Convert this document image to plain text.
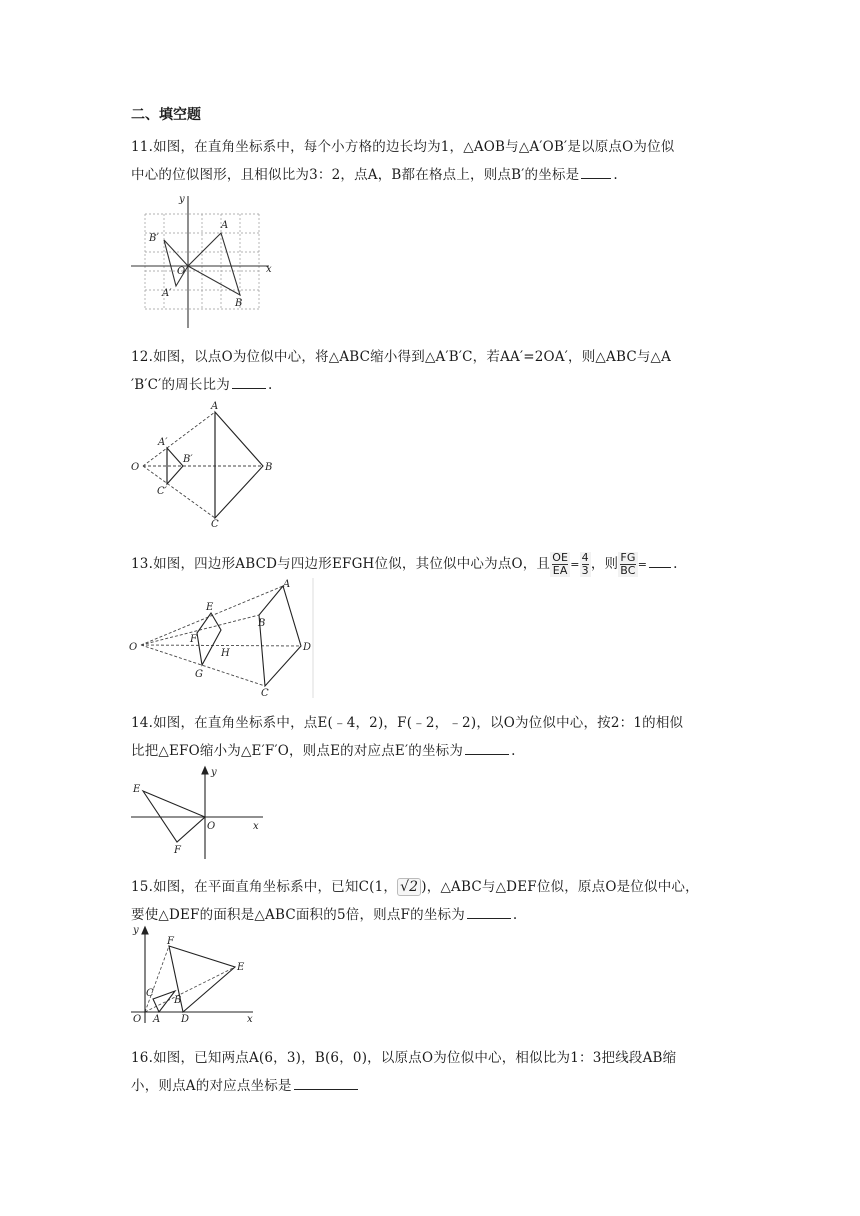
二、填空题
11.如图，在直角坐标系中，每个小方格的边长均为1，△AOB与△A′OB′是以原点O为位似
中心的位似图形，且相似比为3：2，点A，B都在格点上，则点B′的坐标是	.
y
x
O
A
B
B′
A′
12.如图，以点O为位似中心，将△ABC缩小得到△A′B′C，若AA′=2OA′，则△ABC与△A
′B′C′的周长比为	.
A
A′
B′
O	B
C
C′
13.如图，四边形ABCD与四边形EFGH位似，其位似中心为点O，且 $\frac{OE}{EA} = \frac{4}{3}$ ，则 $\frac{FG}{BC}$ = .
A
E
B
F
H
D
O
G
C
14.如图，在直角坐标系中，点E(﹣4，2)，F(﹣2，﹣2)，以O为位似中心，按2：1的相似
比把△EFO缩小为△E′F′O，则点E的对应点E′的坐标为	.
y
E
O	x
F
15.如图，在平面直角坐标系中，已知C(1， √2 )，△ABC与△DEF位似，原点O是位似中心，
要使△DEF的面积是△ABC面积的5倍，则点F的坐标为	.
y
F
E
C
B
O A D	x
16.如图，已知两点A(6，3)，B(6，0)，以原点O为位似中心，相似比为1：3把线段AB缩
小，则点A的对应点坐标是
